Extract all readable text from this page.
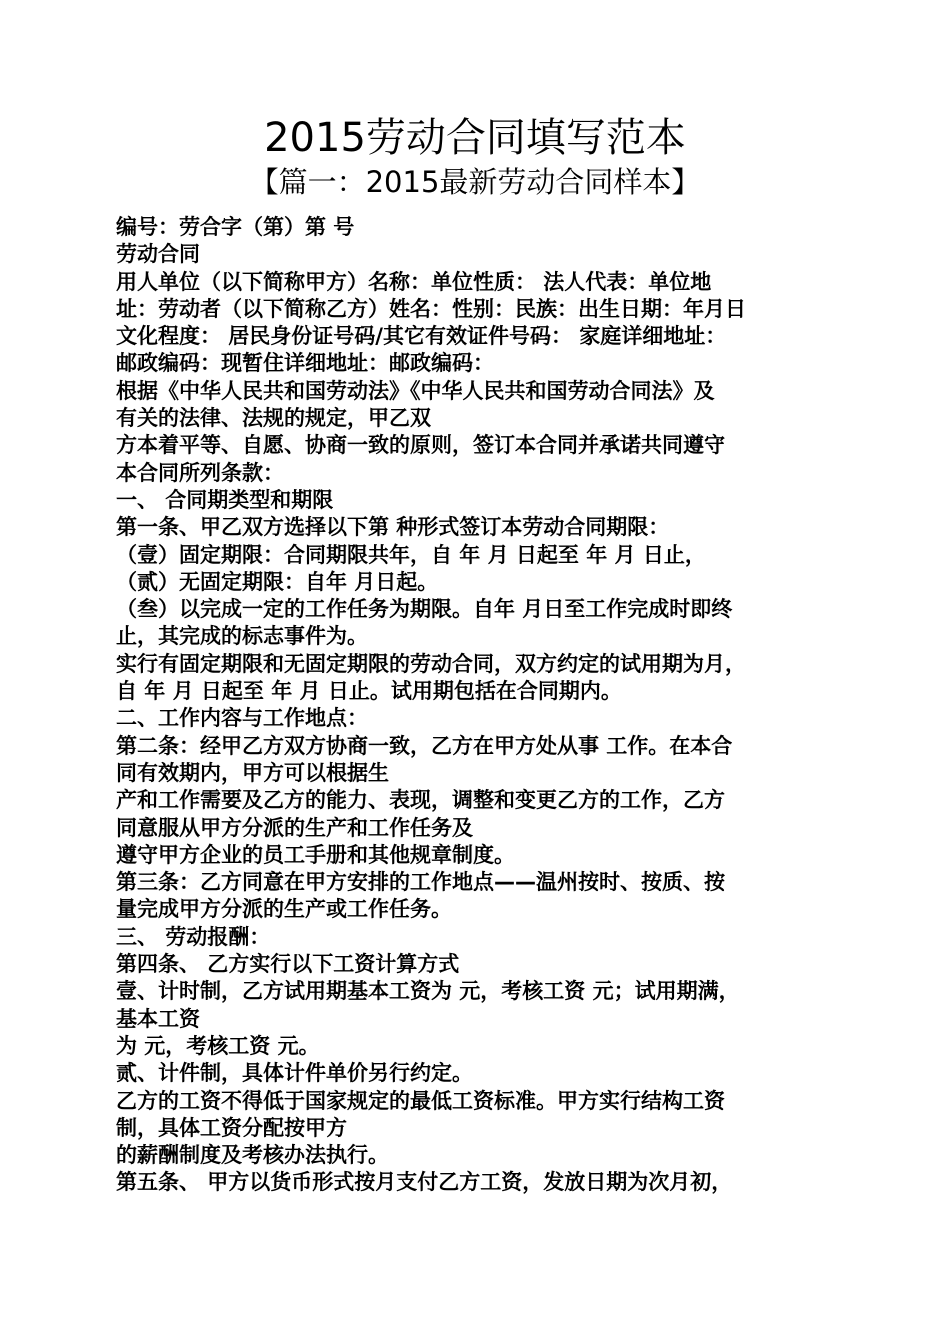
2015劳动合同填写范本
【篇一：2015最新劳动合同样本】
编号：劳合字（第）第 号
劳动合同
用人单位（以下简称甲方）名称：单位性质： 法人代表：单位地
址：劳动者（以下简称乙方）姓名：性别：民族：出生日期：年月日
文化程度： 居民身份证号码/其它有效证件号码： 家庭详细地址：
邮政编码：现暂住详细地址：邮政编码：
根据《中华人民共和国劳动法》《中华人民共和国劳动合同法》及
有关的法律、法规的规定，甲乙双
方本着平等、自愿、协商一致的原则，签订本合同并承诺共同遵守
本合同所列条款：
一、 合同期类型和期限
第一条、甲乙双方选择以下第 种形式签订本劳动合同期限：
（壹）固定期限：合同期限共年，自 年 月 日起至 年 月 日止，
（贰）无固定期限：自年 月日起。
（叁）以完成一定的工作任务为期限。自年 月日至工作完成时即终
止，其完成的标志事件为。
实行有固定期限和无固定期限的劳动合同，双方约定的试用期为月，
自 年 月 日起至 年 月 日止。试用期包括在合同期内。
二、工作内容与工作地点：
第二条：经甲乙方双方协商一致，乙方在甲方处从事 工作。在本合
同有效期内，甲方可以根据生
产和工作需要及乙方的能力、表现，调整和变更乙方的工作，乙方
同意服从甲方分派的生产和工作任务及
遵守甲方企业的员工手册和其他规章制度。
第三条：乙方同意在甲方安排的工作地点——温州按时、按质、按
量完成甲方分派的生产或工作任务。
三、 劳动报酬：
第四条、 乙方实行以下工资计算方式
壹、计时制，乙方试用期基本工资为 元，考核工资 元；试用期满，
基本工资
为 元，考核工资 元。
贰、计件制，具体计件单价另行约定。
乙方的工资不得低于国家规定的最低工资标准。甲方实行结构工资
制，具体工资分配按甲方
的薪酬制度及考核办法执行。
第五条、 甲方以货币形式按月支付乙方工资，发放日期为次月初，
